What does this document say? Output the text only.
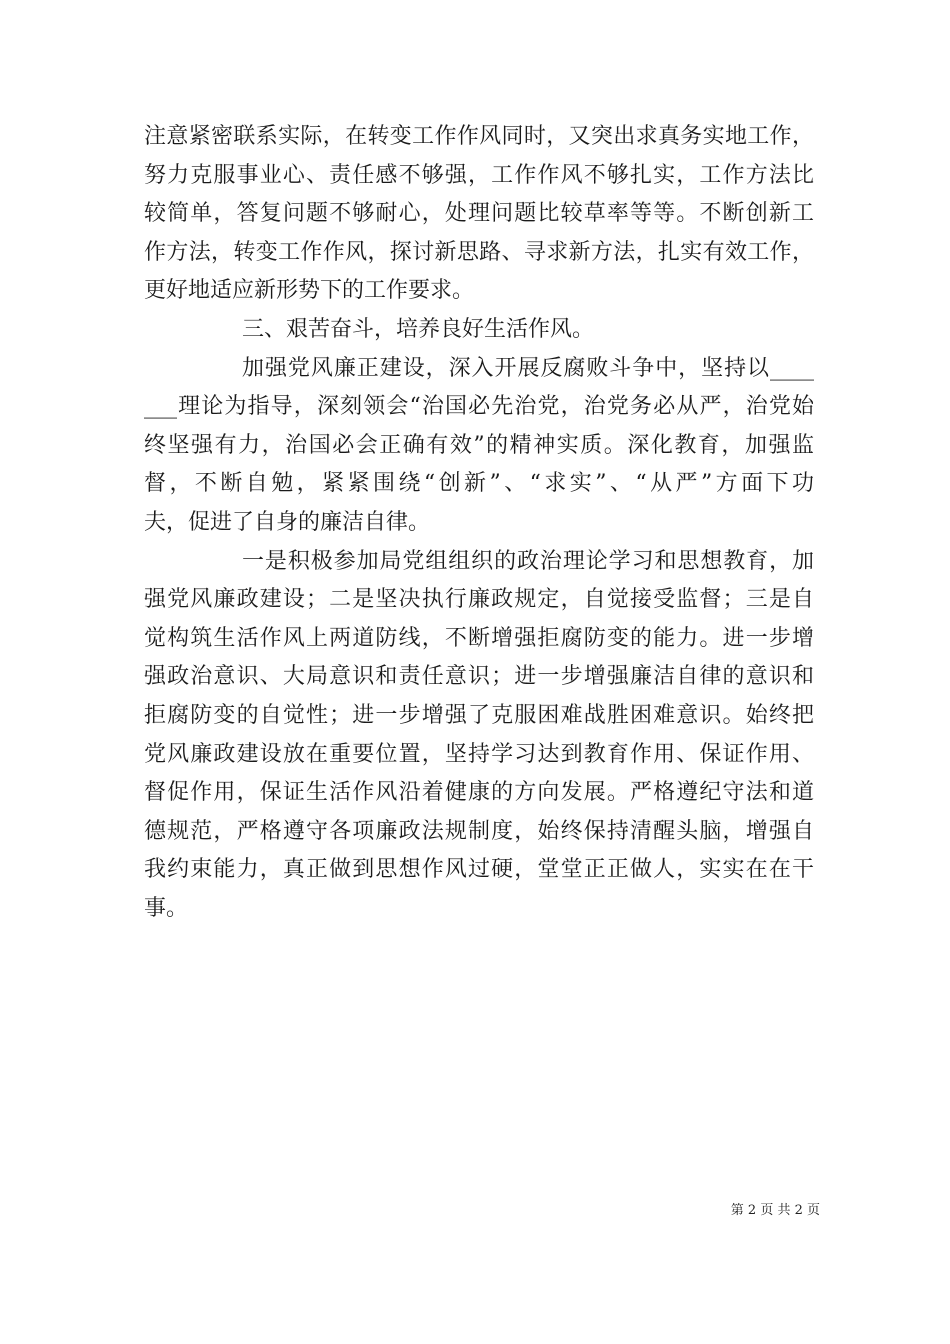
注意紧密联系实际，在转变工作作风同时，又突出求真务实地工作，
努力克服事业心、责任感不够强，工作作风不够扎实，工作方法比
较简单，答复问题不够耐心，处理问题比较草率等等。不断创新工
作方法，转变工作作风，探讨新思路、寻求新方法，扎实有效工作，
更好地适应新形势下的工作要求。
三、艰苦奋斗，培养良好生活作风。
加强党风廉正建设，深入开展反腐败斗争中，坚持以____
___理论为指导，深刻领会“治国必先治党，治党务必从严，治党始
终坚强有力，治国必会正确有效”的精神实质。深化教育，加强监
督，不断自勉，紧紧围绕“创新”、“求实”、“从严”方面下功
夫，促进了自身的廉洁自律。
一是积极参加局党组组织的政治理论学习和思想教育，加
强党风廉政建设；二是坚决执行廉政规定，自觉接受监督；三是自
觉构筑生活作风上两道防线，不断增强拒腐防变的能力。进一步增
强政治意识、大局意识和责任意识；进一步增强廉洁自律的意识和
拒腐防变的自觉性；进一步增强了克服困难战胜困难意识。始终把
党风廉政建设放在重要位置，坚持学习达到教育作用、保证作用、
督促作用，保证生活作风沿着健康的方向发展。严格遵纪守法和道
德规范，严格遵守各项廉政法规制度，始终保持清醒头脑，增强自
我约束能力，真正做到思想作风过硬，堂堂正正做人，实实在在干
事。
第 2 页 共 2 页
